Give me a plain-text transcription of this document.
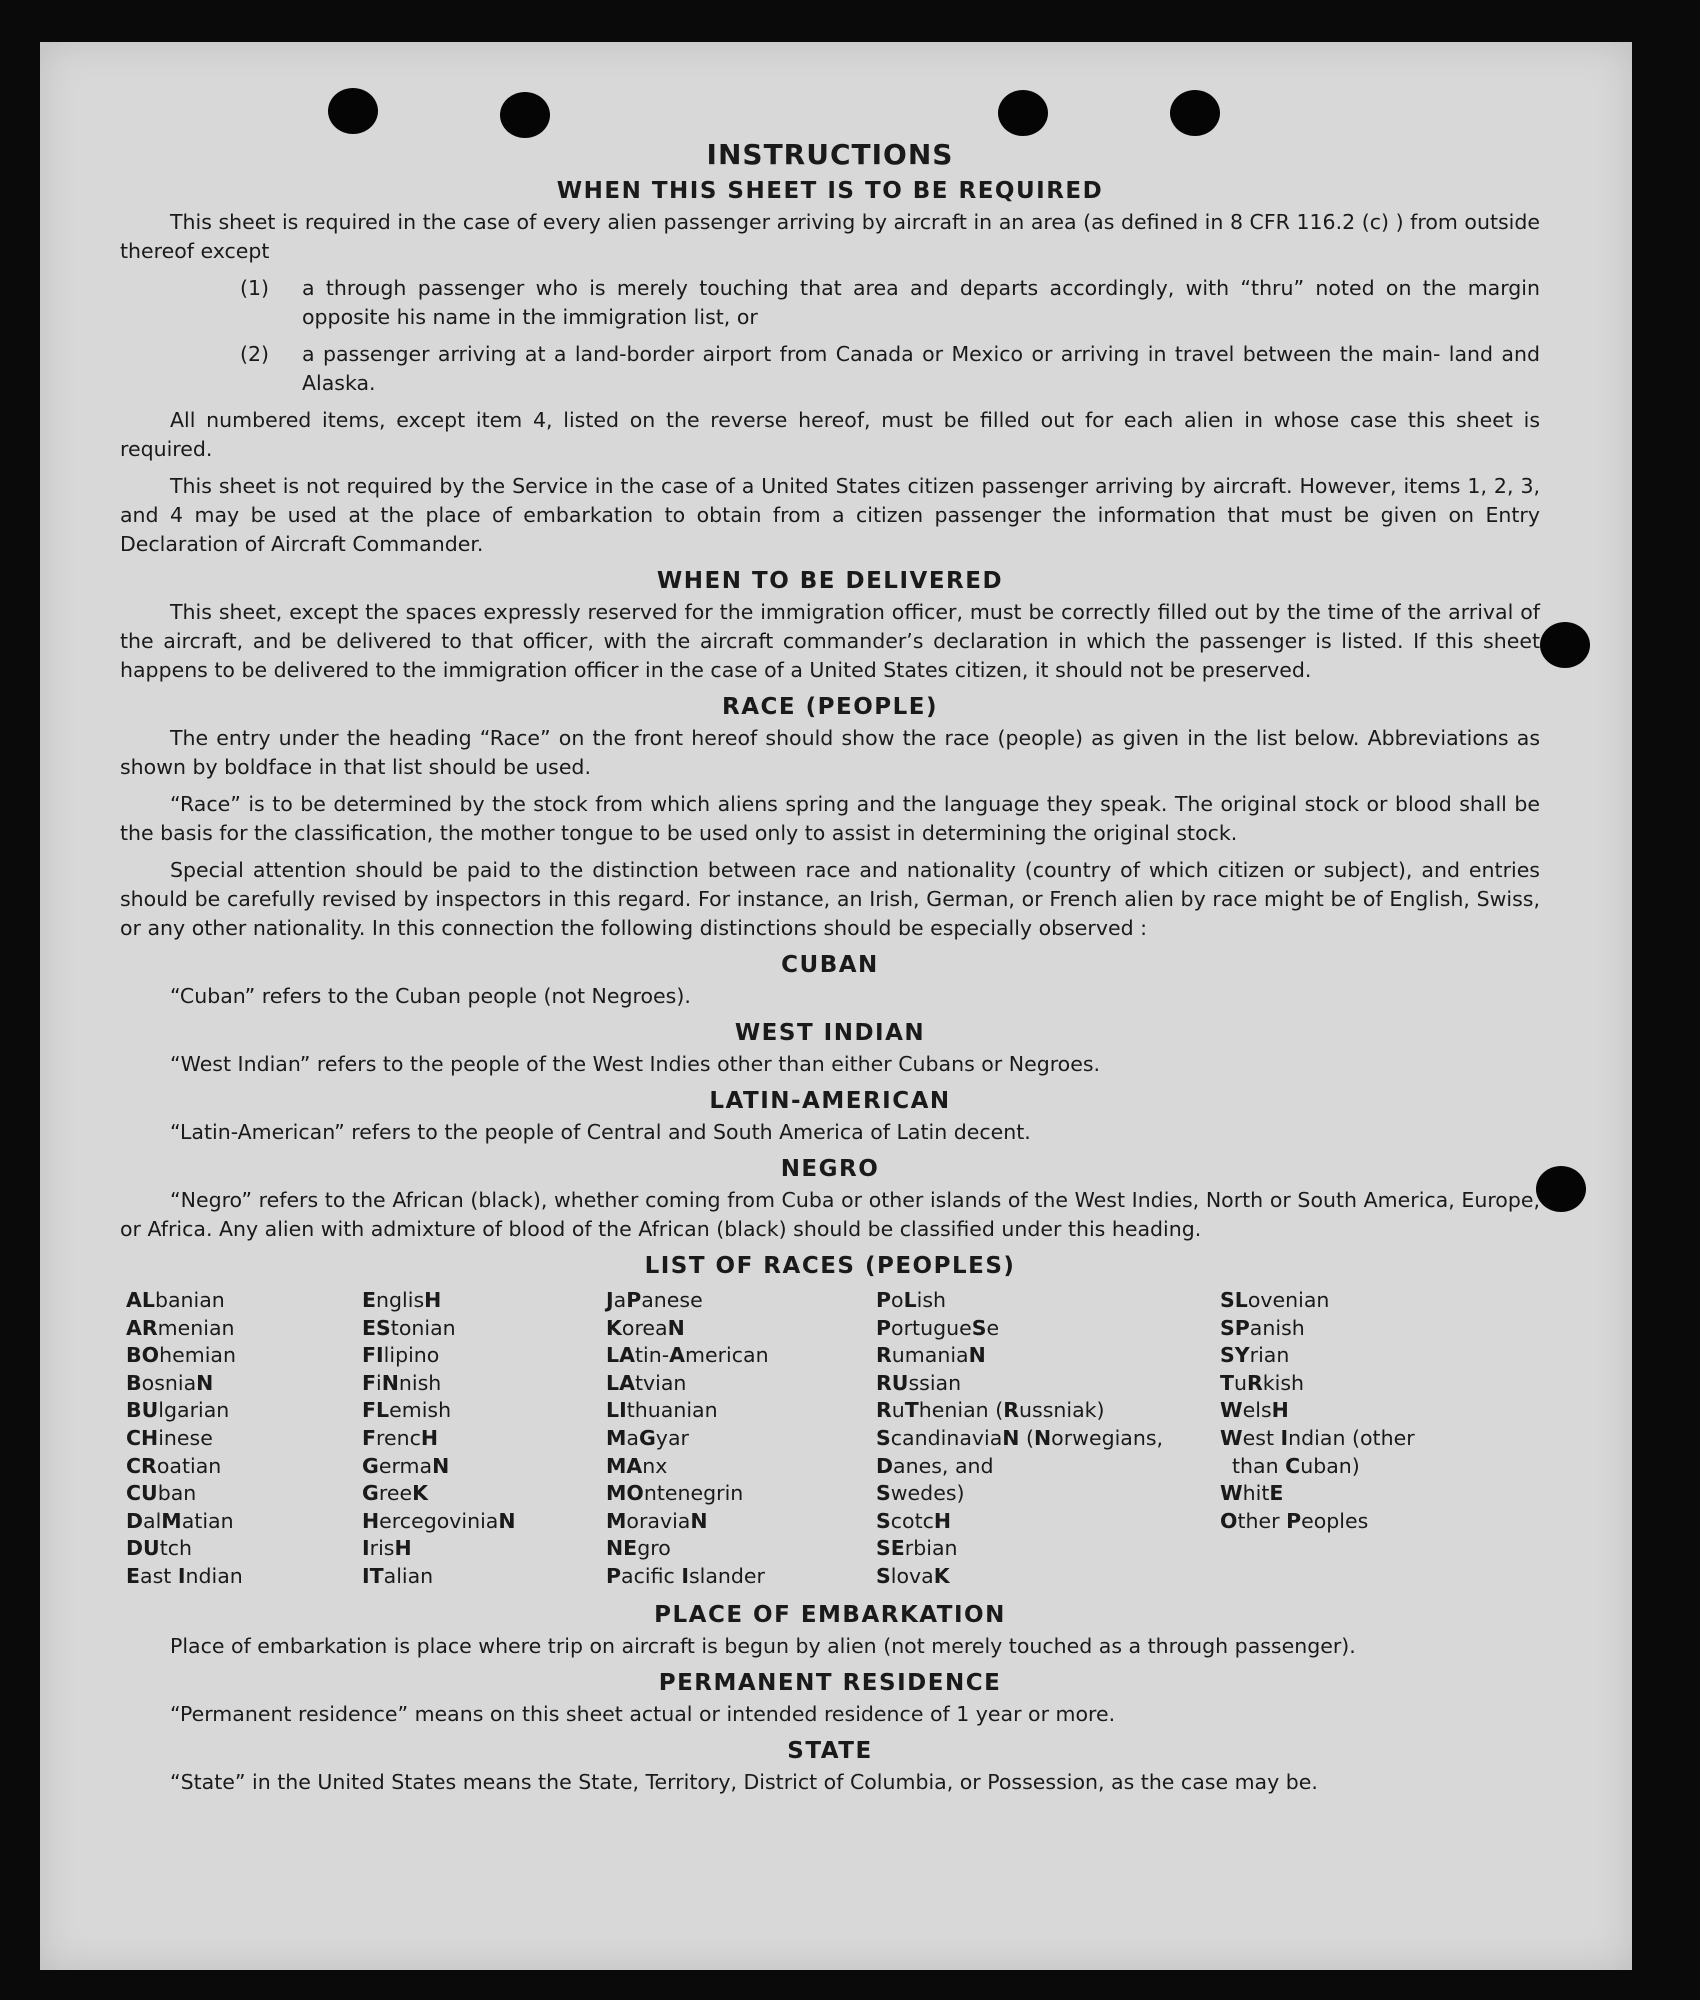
INSTRUCTIONS
WHEN THIS SHEET IS TO BE REQUIRED

This sheet is required in the case of every alien passenger arriving by aircraft in an area (as defined in 8 CFR 116.2 (c) ) from outside thereof except

(1)	a through passenger who is merely touching that area and departs accordingly, with “thru” noted on the margin opposite his name in the immigration list, or
(2)	a passenger arriving at a land-border airport from Canada or Mexico or arriving in travel between the main- land and Alaska.

All numbered items, except item 4, listed on the reverse hereof, must be filled out for each alien in whose case this sheet is required.

This sheet is not required by the Service in the case of a United States citizen passenger arriving by aircraft. However, items 1, 2, 3, and 4 may be used at the place of embarkation to obtain from a citizen passenger the information that must be given on Entry Declaration of Aircraft Commander.

WHEN TO BE DELIVERED

This sheet, except the spaces expressly reserved for the immigration officer, must be correctly filled out by the time of the arrival of the aircraft, and be delivered to that officer, with the aircraft commander’s declaration in which the passenger is listed. If this sheet happens to be delivered to the immigration officer in the case of a United States citizen, it should not be preserved.

RACE (PEOPLE)

The entry under the heading “Race” on the front hereof should show the race (people) as given in the list below. Abbreviations as shown by boldface in that list should be used.

“Race” is to be determined by the stock from which aliens spring and the language they speak. The original stock or blood shall be the basis for the classification, the mother tongue to be used only to assist in determining the original stock.

Special attention should be paid to the distinction between race and nationality (country of which citizen or subject), and entries should be carefully revised by inspectors in this regard. For instance, an Irish, German, or French alien by race might be of English, Swiss, or any other nationality. In this connection the following distinctions should be especially observed :

CUBAN

“Cuban” refers to the Cuban people (not Negroes).

WEST INDIAN

“West Indian” refers to the people of the West Indies other than either Cubans or Negroes.

LATIN-AMERICAN

“Latin-American” refers to the people of Central and South America of Latin decent.

NEGRO

“Negro” refers to the African (black), whether coming from Cuba or other islands of the West Indies, North or South America, Europe, or Africa. Any alien with admixture of blood of the African (black) should be classified under this heading.

LIST OF RACES (PEOPLES)
ALbanian
ARmenian
BOhemian
BosniaN
BUlgarian
CHinese
CRoatian
CUban
DalMatian
DUtch
East Indian
EnglisH
EStonian
FIlipino
FiNnish
FLemish
FrencH
GermaN
GreeK
HercegoviniaN
IrisH
ITalian
JaPanese
KoreaN
LAtin-American
LAtvian
LIthuanian
MaGyar
MAnx
MOntenegrin
MoraviaN
NEgro
Pacifc Islander
PoLish
PortugueSe
RumaniaN
RUssian
RuThenian (Russniak)
ScandinaviaN (Norwegians,
Danes, and
Swedes)
ScotcH
SErbian
SlovaK
SLovenian
SPanish
SYrian
TuRkish
WelsH
West Indian (other
than Cuban)
WhitE
Other Peoples
PLACE OF EMBARKATION

Place of embarkation is place where trip on aircraft is begun by alien (not merely touched as a through passenger).

PERMANENT RESIDENCE

“Permanent residence” means on this sheet actual or intended residence of 1 year or more.

STATE

“State” in the United States means the State, Territory, District of Columbia, or Possession, as the case may be.
